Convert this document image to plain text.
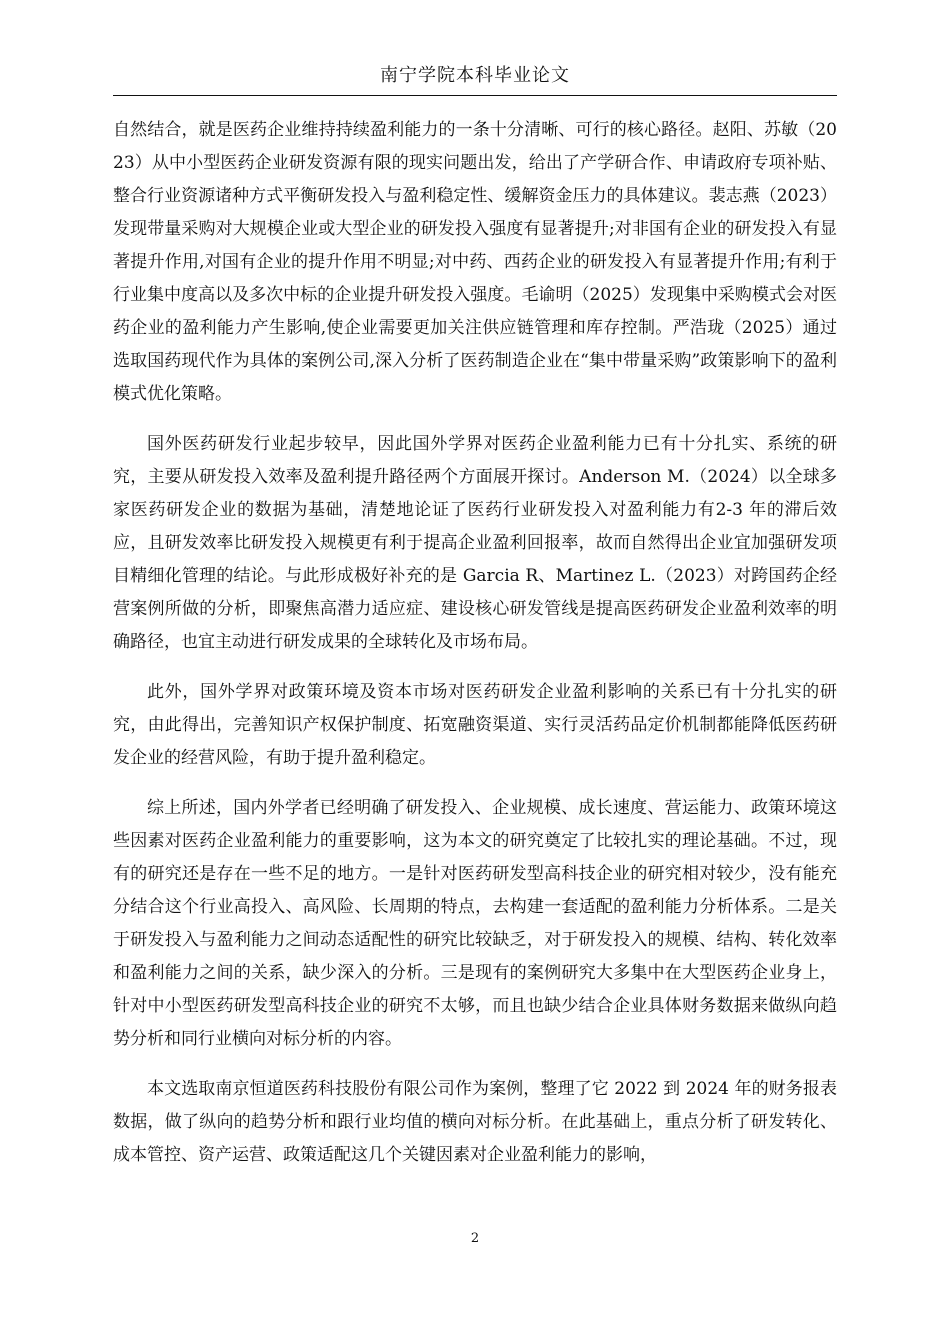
南宁学院本科毕业论文

自然结合，就是医药企业维持持续盈利能力的一条十分清晰、可行的核心路径。赵阳、苏敏（2023）从中小型医药企业研发资源有限的现实问题出发，给出了产学研合作、申请政府专项补贴、整合行业资源诸种方式平衡研发投入与盈利稳定性、缓解资金压力的具体建议。裴志燕（2023）发现带量采购对大规模企业或大型企业的研发投入强度有显著提升;对非国有企业的研发投入有显著提升作用,对国有企业的提升作用不明显;对中药、西药企业的研发投入有显著提升作用;有利于行业集中度高以及多次中标的企业提升研发投入强度。毛谕明（2025）发现集中采购模式会对医药企业的盈利能力产生影响,使企业需要更加关注供应链管理和库存控制。严浩珑（2025）通过选取国药现代作为具体的案例公司,深入分析了医药制造企业在“集中带量采购”政策影响下的盈利模式优化策略。

国外医药研发行业起步较早，因此国外学界对医药企业盈利能力已有十分扎实、系统的研究，主要从研发投入效率及盈利提升路径两个方面展开探讨。Anderson M.（2024）以全球多家医药研发企业的数据为基础，清楚地论证了医药行业研发投入对盈利能力有2-3 年的滞后效应，且研发效率比研发投入规模更有利于提高企业盈利回报率，故而自然得出企业宜加强研发项目精细化管理的结论。与此形成极好补充的是 Garcia R、Martinez L.（2023）对跨国药企经营案例所做的分析，即聚焦高潜力适应症、建设核心研发管线是提高医药研发企业盈利效率的明确路径，也宜主动进行研发成果的全球转化及市场布局。

此外，国外学界对政策环境及资本市场对医药研发企业盈利影响的关系已有十分扎实的研究，由此得出，完善知识产权保护制度、拓宽融资渠道、实行灵活药品定价机制都能降低医药研发企业的经营风险，有助于提升盈利稳定。

综上所述，国内外学者已经明确了研发投入、企业规模、成长速度、营运能力、政策环境这些因素对医药企业盈利能力的重要影响，这为本文的研究奠定了比较扎实的理论基础。不过，现有的研究还是存在一些不足的地方。一是针对医药研发型高科技企业的研究相对较少，没有能充分结合这个行业高投入、高风险、长周期的特点，去构建一套适配的盈利能力分析体系。二是关于研发投入与盈利能力之间动态适配性的研究比较缺乏，对于研发投入的规模、结构、转化效率和盈利能力之间的关系，缺少深入的分析。三是现有的案例研究大多集中在大型医药企业身上，针对中小型医药研发型高科技企业的研究不太够，而且也缺少结合企业具体财务数据来做纵向趋势分析和同行业横向对标分析的内容。

本文选取南京恒道医药科技股份有限公司作为案例，整理了它 2022 到 2024 年的财务报表数据，做了纵向的趋势分析和跟行业均值的横向对标分析。在此基础上，重点分析了研发转化、成本管控、资产运营、政策适配这几个关键因素对企业盈利能力的影响，

2
